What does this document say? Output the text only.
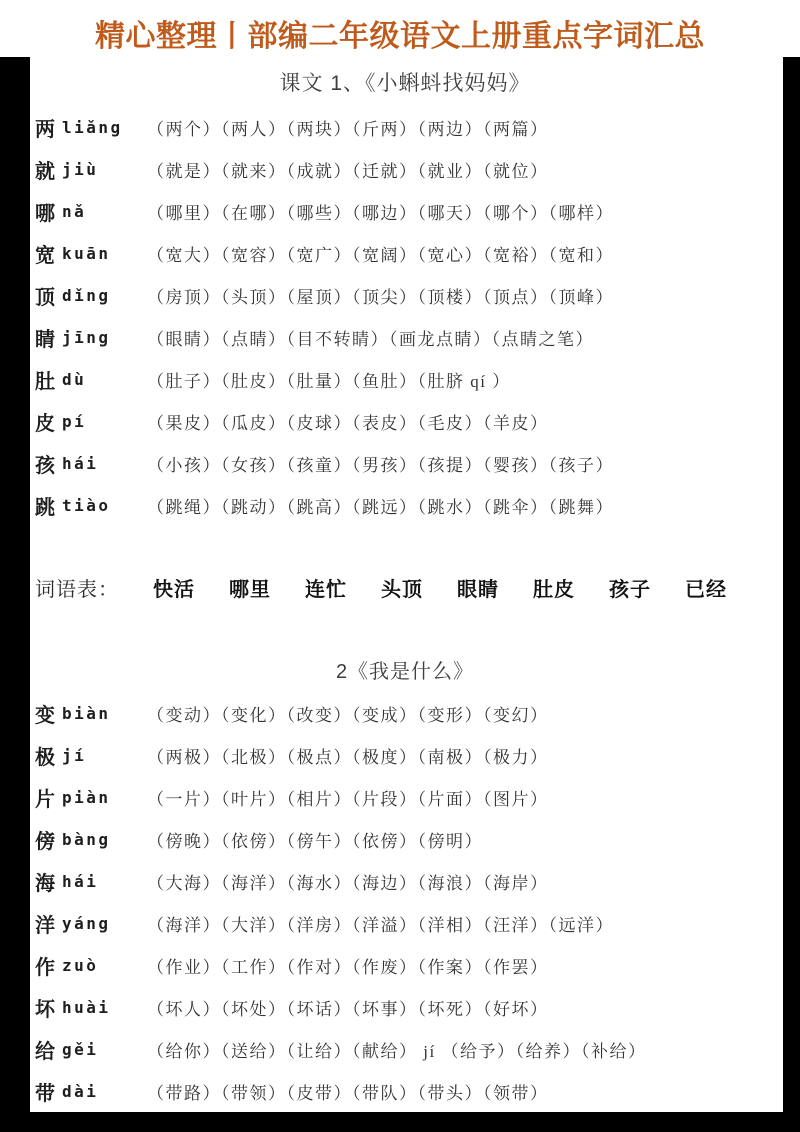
精心整理丨部编二年级语文上册重点字词汇总
课文 1、《小蝌蚪找妈妈》
两 liǎng （两个）（两人）（两块）（斤两）（两边）（两篇）
就 jiù	（就是）（就来）（成就）（迁就）（就业）（就位）
哪 nǎ	（哪里）（在哪）（哪些）（哪边）（哪天）（哪个）（哪样）
宽 kuān （宽大）（宽容）（宽广）（宽阔）（宽心）（宽裕）（宽和）
顶 dǐng （房顶）（头顶）（屋顶）（顶尖）（顶楼）（顶点）（顶峰）
睛 jīng （眼睛）（点睛）（目不转睛）（画龙点睛）（点睛之笔）
肚 dù	（肚子）（肚皮）（肚量）（鱼肚）（肚脐 qí ）
皮 pí	（果皮）（瓜皮）（皮球）（表皮）（毛皮）（羊皮）
孩 hái	（小孩）（女孩）（孩童）（男孩）（孩提）（婴孩）（孩子）
跳 tiào （跳绳）（跳动）（跳高）（跳远）（跳水）（跳伞）（跳舞）
词语表： 快活 哪里 连忙 头顶 眼睛 肚皮 孩子 已经
2《我是什么》
变 biàn （变动）（变化）（改变）（变成）（变形）（变幻）
极 jí	（两极）（北极）（极点）（极度）（南极）（极力）
片 piàn （一片）（叶片）（相片）（片段）（片面）（图片）
傍 bàng （傍晚）（依傍）（傍午）（依傍）（傍明）
海 hái	（大海）（海洋）（海水）（海边）（海浪）（海岸）
洋 yáng （海洋）（大洋）（洋房）（洋溢）（洋相）（汪洋）（远洋）
作 zuò	（作业）（工作）（作对）（作废）（作案）（作罢）
坏 huài （坏人）（坏处）（坏话）（坏事）（坏死）（好坏）
给 gěi	（给你）（送给）（让给）（献给） jí （给予）（给养）（补给）
带 dài	（带路）（带领）（皮带）（带队）（带头）（领带）
